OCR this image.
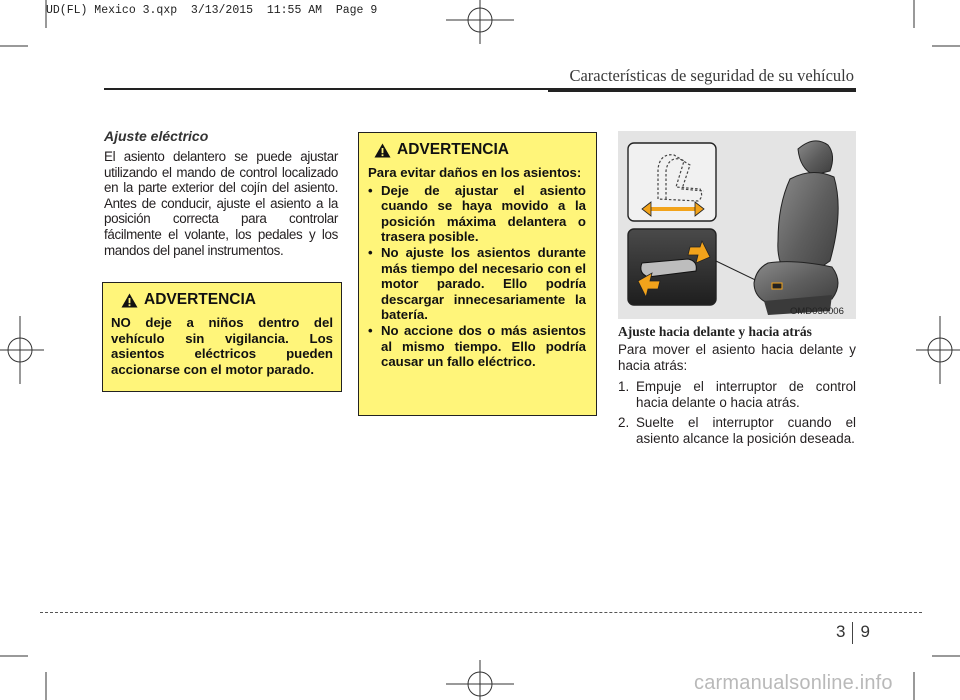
UD(FL) Mexico 3.qxp  3/13/2015  11:55 AM  Page 9
Características de seguridad de su vehículo
Ajuste eléctrico
El asiento delantero se puede ajustar utilizando el mando de control localizado en la parte exterior del cojín del asiento. Antes de conducir, ajuste el asiento a la posición correcta para controlar fácilmente el volante, los pedales y los mandos del panel instrumentos.
ADVERTENCIA
NO deje a niños dentro del vehículo sin vigilancia. Los asientos eléctricos pueden accionarse con el motor parado.
ADVERTENCIA
Para evitar daños en los asientos:
• Deje de ajustar el asiento cuando se haya movido a la posición máxima delantera o trasera posible.
• No ajuste los asientos durante más tiempo del necesario con el motor parado. Ello podría descargar innecesariamente la batería.
• No accione dos o más asientos al mismo tiempo. Ello podría causar un fallo eléctrico.
OMD030006
Ajuste hacia delante y hacia atrás
Para mover el asiento hacia delante y hacia atrás:
1. Empuje el interruptor de control hacia delante o hacia atrás.
2. Suelte el interruptor cuando el asiento alcance la posición deseada.
3 9
carmanualsonline.info
